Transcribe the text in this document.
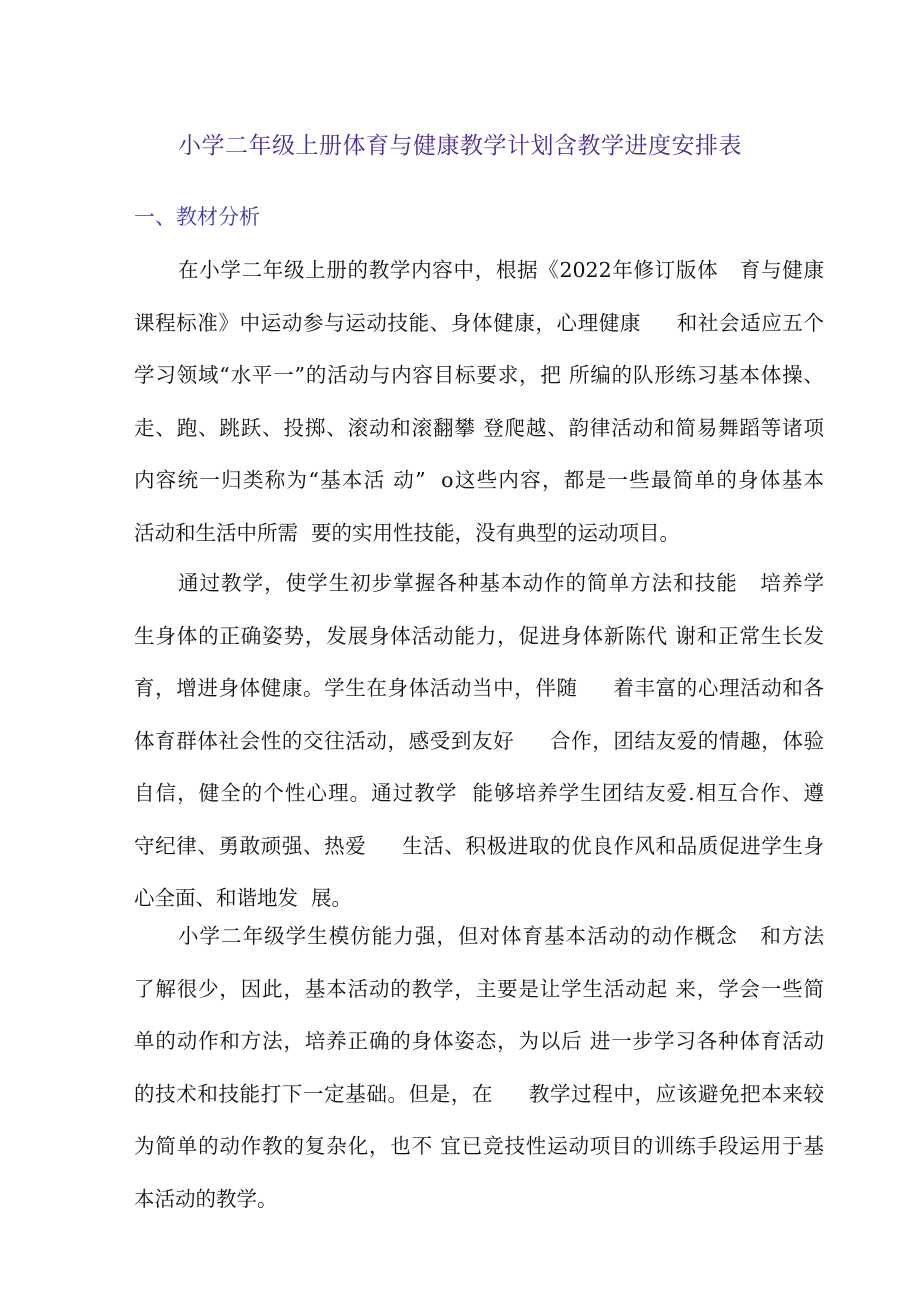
小学二年级上册体育与健康教学计划含教学进度安排表
一、教材分析
在小学二年级上册的教学内容中，根据《2022年修订版体   育与健康
课程标准》中运动参与运动技能、身体健康，心理健康     和社会适应五个
学习领域“水平一”的活动与内容目标要求，把 所编的队形练习基本体操、
走、跑、跳跃、投掷、滚动和滚翻攀 登爬越、韵律活动和简易舞蹈等诸项
内容统一归类称为“基本活 动”  o这些内容，都是一些最简单的身体基本
活动和生活中所需  要的实用性技能，没有典型的运动项目。
通过教学，使学生初步掌握各种基本动作的简单方法和技能   培养学
生身体的正确姿势，发展身体活动能力，促进身体新陈代 谢和正常生长发
育，增进身体健康。学生在身体活动当中，伴随     着丰富的心理活动和各
体育群体社会性的交往活动，感受到友好     合作，团结友爱的情趣，体验
自信，健全的个性心理。通过教学  能够培养学生团结友爱.相互合作、遵
守纪律、勇敢顽强、热爱     生活、积极进取的优良作风和品质促进学生身
心全面、和谐地发  展。
小学二年级学生模仿能力强，但对体育基本活动的动作概念   和方法
了解很少，因此，基本活动的教学，主要是让学生活动起 来，学会一些简
单的动作和方法，培养正确的身体姿态，为以后 进一步学习各种体育活动
的技术和技能打下一定基础。但是，在     教学过程中，应该避免把本来较
为简单的动作教的复杂化，也不 宜已竞技性运动项目的训练手段运用于基
本活动的教学。
